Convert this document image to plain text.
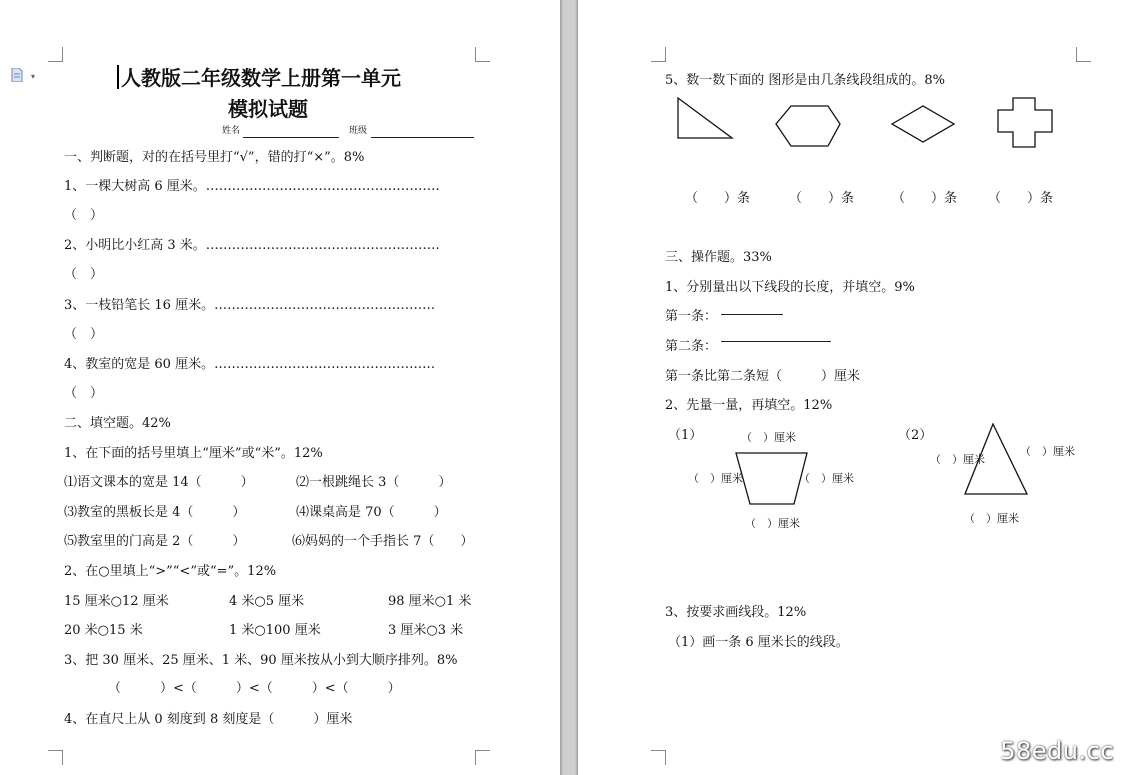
▾	人教版二年级数学上册第一单元
模拟试题
姓名	班级
一、判断题，对的在括号里打“√”，错的打“×”。8%
1、一棵大树高 6 厘米。………………………………………………
（　）
2、小明比小红高 3 米。………………………………………………
（　）
3、一枝铅笔长 16 厘米。……………………………………………
（　）
4、教室的宽是 60 厘米。……………………………………………
（　）
二、填空题。42%
1、在下面的括号里填上“厘米”或“米”。12%
⑴语文课本的宽是 14（　　　）	⑵一根跳绳长 3（　　　）
⑶教室的黑板长是 4（　　　）	⑷课桌高是 70（　　　）
⑸教室里的门高是 2（　　　）	⑹妈妈的一个手指长 7（　　）
2、在○里填上“>”“<”或“=”。12%
15 厘米○12 厘米	4 米○5 厘米	98 厘米○1 米
20 米○15 米	1 米○100 厘米	3 厘米○3 米
3、把 30 厘米、25 厘米、1 米、90 厘米按从小到大顺序排列。8%
（　　　）<（　　　）<（　　　）<（　　　）
4、在直尺上从 0 刻度到 8 刻度是（　　　）厘米
5、数一数下面的 图形是由几条线段组成的。8%
（　　）条	（　　）条	（　　）条 （　　）条
三、操作题。33%
1、分别量出以下线段的长度，并填空。9%
第一条：
第二条：
第一条比第二条短（　　　）厘米
2、先量一量，再填空。12%
（1）	（2）
（　）厘米
（　）厘米	（　）厘米
（　）厘米
（　）厘米
（　）厘米
（　）厘米
3、按要求画线段。12%
（1）画一条 6 厘米长的线段。
58edu.cc
